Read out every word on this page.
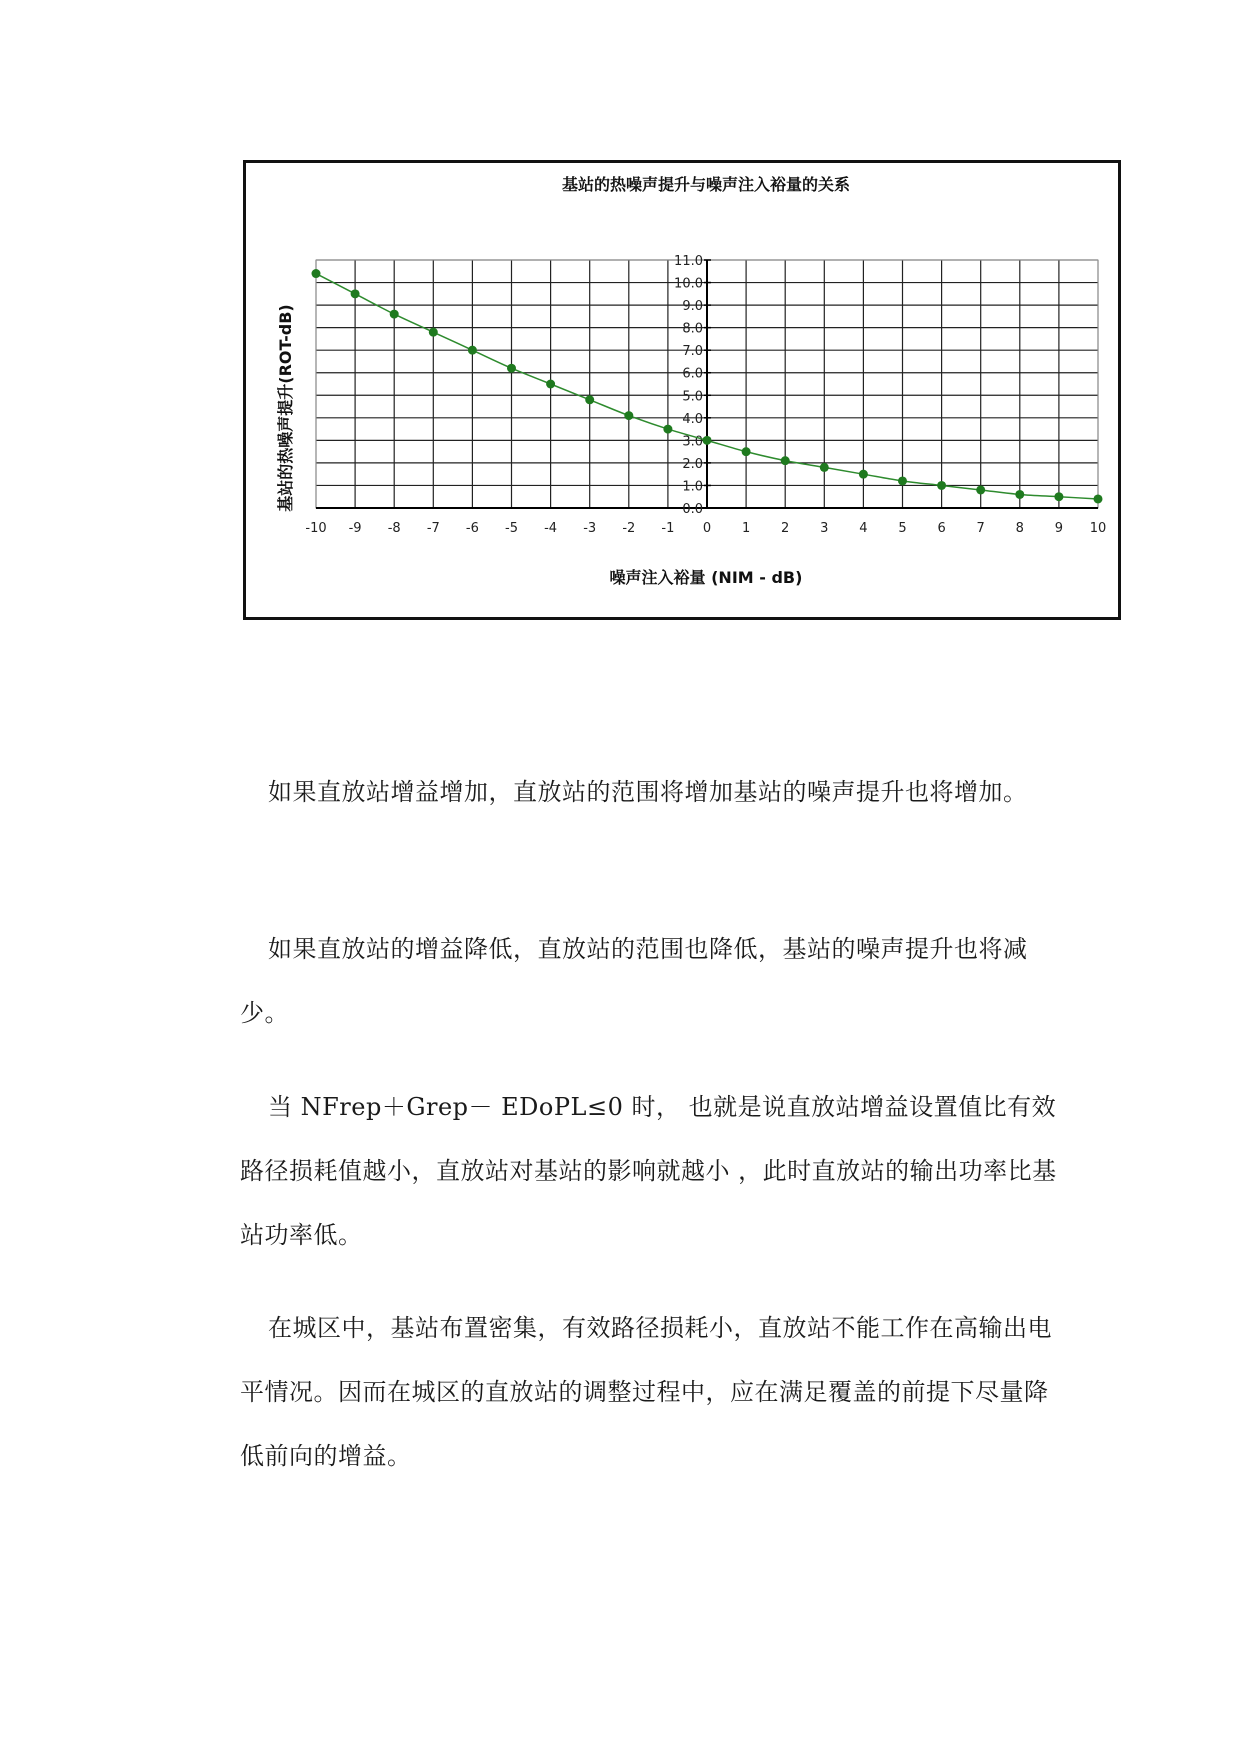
基站的热噪声提升与噪声注入裕量的关系
0.0
1.0
2.0
3.0
4.0
5.0
6.0
7.0
8.0
9.0
10.0
11.0
-10 -9 -8 -7 -6 -5 -4 -3 -2 -1 0 1 2 3 4 5 6 7 8 9 10
噪声注入裕量 (NIM - dB)
基站的热噪声提升(ROT-dB)

如果直放站增益增加，直放站的范围将增加基站的噪声提升也将增加。

如果直放站的增益降低，直放站的范围也降低，基站的噪声提升也将减少。

当 NFrep＋Grep－ EDoPL≤0 时， 也就是说直放站增益设置值比有效路径损耗值越小，直放站对基站的影响就越小 ，此时直放站的输出功率比基站功率低。

在城区中，基站布置密集，有效路径损耗小，直放站不能工作在高输出电平情况。因而在城区的直放站的调整过程中，应在满足覆盖的前提下尽量降低前向的增益。
